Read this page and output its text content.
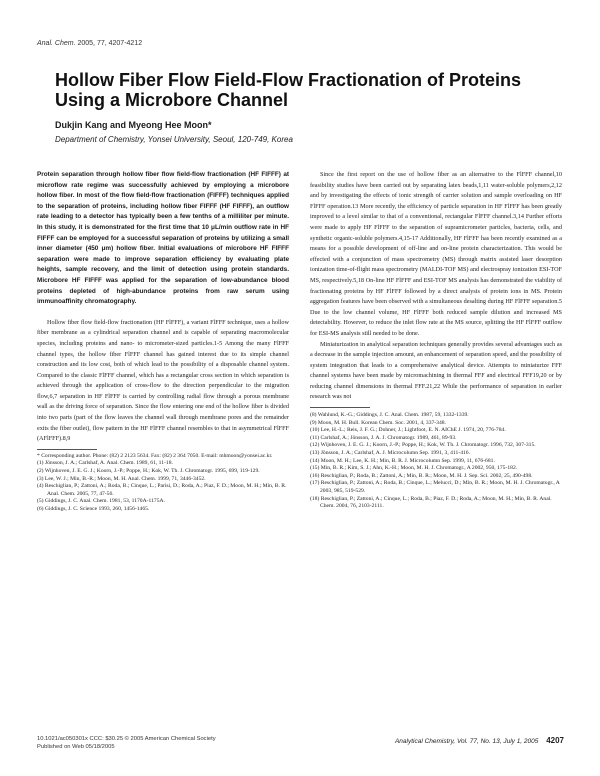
Anal. Chem. 2005, 77, 4207-4212
Hollow Fiber Flow Field-Flow Fractionation of Proteins Using a Microbore Channel
Dukjin Kang and Myeong Hee Moon*
Department of Chemistry, Yonsei University, Seoul, 120-749, Korea

Protein separation through hollow fiber flow field-flow fractionation (HF FlFFF) at microflow rate regime was successfully achieved by employing a microbore hollow fiber. In most of the flow field-flow fractionation (FlFFF) techniques applied to the separation of proteins, including hollow fiber FlFFF (HF FlFFF), an outflow rate leading to a detector has typically been a few tenths of a milliliter per minute. In this study, it is demonstrated for the first time that 10 μL/min outflow rate in HF FlFFF can be employed for a successful separation of proteins by utilizing a small inner diameter (450 μm) hollow fiber. Initial evaluations of microbore HF FlFFF separation were made to improve separation efficiency by evaluating plate heights, sample recovery, and the limit of detection using protein standards. Microbore HF FlFFF was applied for the separation of low-abundance blood proteins depleted of high-abundance proteins from raw serum using immunoaffinity chromatography.

Hollow fiber flow field-flow fractionation (HF FlFFF), a variant FlFFF technique, uses a hollow fiber membrane as a cylindrical separation channel and is capable of separating macromolecular species, including proteins and nano- to micrometer-sized particles.1-5 Among the many FlFFF channel types, the hollow fiber FlFFF channel has gained interest due to its simple channel construction and its low cost, both of which lead to the possibility of a disposable channel system. Compared to the classic FlFFF channel, which has a rectangular cross section in which separation is achieved through the application of cross-flow to the direction perpendicular to the migration flow,6,7 separation in HF FlFFF is carried by controlling radial flow through a porous membrane wall as the driving force of separation. Since the flow entering one end of the hollow fiber is divided into two parts (part of the flow leaves the channel wall through membrane pores and the remainder exits the fiber outlet), flow pattern in the HF FlFFF channel resembles to that in asymmetrical FlFFF (AFlFFF).8,9

* Corresponding author. Phone: (82) 2 2123 5634. Fax: (82) 2 364 7050. E-mail: mhmoon@yonsei.ac.kr.

(1) Jönsson, J. A.; Carlshaf, A. Anal. Chem. 1989, 61, 11-18.

(2) Wijnhoven, J. E. G. J.; Koorn, J.-P.; Poppe, H.; Kok, W. Th. J. Chromatogr. 1995, 699, 119-129.

(3) Lee, W. J.; Min, B.-R.; Moon, M. H. Anal. Chem. 1999, 71, 3446-3452.

(4) Reschiglian, P.; Zattoni, A.; Roda, B.; Cinque, L.; Parisi, D.; Roda, A.; Piaz, F. D.; Moon, M. H.; Min, B. R. Anal. Chem. 2005, 77, 47-56.

(5) Giddings, J. C. Anal. Chem. 1981, 53, 1170A-1175A.

(6) Giddings, J. C. Science 1993, 260, 1456-1465.

Since the first report on the use of hollow fiber as an alternative to the FlFFF channel,10 feasibility studies have been carried out by separating latex beads,1,11 water-soluble polymers,2,12 and by investigating the effects of ionic strength of carrier solution and sample overloading on HF FlFFF operation.13 More recently, the efficiency of particle separation in HF FlFFF has been greatly improved to a level similar to that of a conventional, rectangular FlFFF channel.3,14 Further efforts were made to apply HF FlFFF to the separation of supramicrometer particles, bacteria, cells, and synthetic organic-soluble polymers.4,15-17 Additionally, HF FlFFF has been recently examined as a means for a possible development of off-line and on-line protein characterization. This would be effected with a conjunction of mass spectrometry (MS) through matrix assisted laser desorption ionization time-of-flight mass spectrometry (MALDI-TOF MS) and electrospray ionization ESI-TOF MS, respectively.5,18 On-line HF FlFFF and ESI-TOF MS analysis has demonstrated the viability of fractionating proteins by HF FlFFF followed by a direct analysis of protein ions in MS. Protein aggregation features have been observed with a simultaneous desalting during HF FlFFF separation.5 Due to the low channel volume, HF FlFFF both reduced sample dilution and increased MS detectability. However, to reduce the inlet flow rate at the MS source, splitting the HF FlFFF outflow for ESI-MS analysis still needed to be done.

Miniaturization in analytical separation techniques generally provides several advantages such as a decrease in the sample injection amount, an enhancement of separation speed, and the possibility of system integration that leads to a comprehensive analytical device. Attempts to miniaturize FFF channel systems have been made by micromachining in thermal FFF and electrical FFF19,20 or by reducing channel dimensions in thermal FFF.21,22 While the performance of separation in earlier research was not

(8) Wahlund, K.-G.; Giddings, J. C. Anal. Chem. 1987, 59, 1332-1339.

(9) Moon, M. H. Bull. Korean Chem. Soc. 2001, 4, 337-348.

(10) Lee, H.-L.; Reis, J. F. G.; Dohner, J.; Lightfoot, E. N. AIChE J. 1974, 20, 776-784.

(11) Carlshaf, A.; Jönsson, J. A. J. Chromatogr. 1989, 461, 89-93.

(12) Wijnhoven, J. E. G. J.; Koorn, J.-P.; Poppe, H.; Kok, W. Th. J. Chromatogr. 1996, 732, 307-315.

(13) Jönsson, J. A.; Carlshaf, A. J. Microcolumn Sep. 1991, 3, 411-416.

(14) Moon, M. H.; Lee, K. H.; Min, B. R. J. Microcolumn Sep. 1999, 11, 676-681.

(15) Min, B. R.; Kim, S. J.; Ahn, K.-H.; Moon, M. H. J. Chromatogr., A 2002, 950, 175-182.

(16) Reschiglian, P.; Roda, B.; Zattoni, A.; Min, B. R.; Moon, M. H. J. Sep. Sci. 2002, 25, 490-498.

(17) Reschiglian, P.; Zattoni, A.; Roda, B.; Cinque, L.; Melucci, D.; Min, B. R.; Moon, M. H. J. Chromatogr., A 2003, 985, 519-529.

(18) Reschiglian, P.; Zattoni, A.; Cinque, L.; Roda, B.; Piaz, F. D.; Roda, A.; Moon, M. H.; Min, B. R. Anal. Chem. 2004, 76, 2103-2111.

10.1021/ac050301x CCC: $30.25 © 2005 American Chemical Society
Published on Web 05/18/2005
Analytical Chemistry, Vol. 77, No. 13, July 1, 2005 4207
